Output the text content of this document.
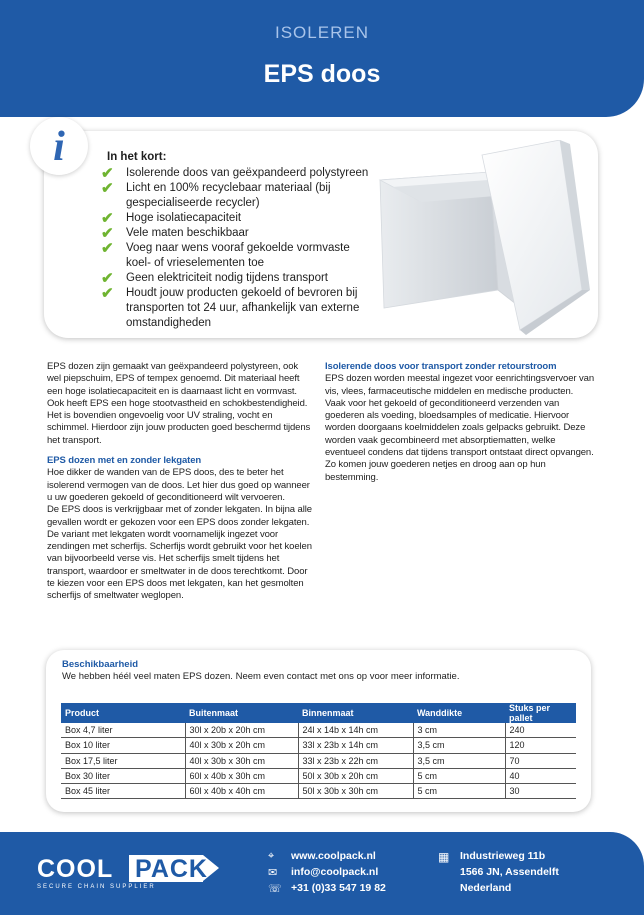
ISOLEREN
EPS doos
i	In het kort:
✔ Isolerende doos van geëxpandeerd polystyreen
✔ Licht en 100% recyclebaar materiaal (bij gespecialiseerde recycler)
✔ Hoge isolatiecapaciteit
✔ Vele maten beschikbaar
✔ Voeg naar wens vooraf gekoelde vormvaste koel- of vrieselementen toe
✔ Geen elektriciteit nodig tijdens transport
✔ Houdt jouw producten gekoeld of bevroren bij transporten tot 24 uur, afhankelijk van externe omstandigheden

EPS dozen zijn gemaakt van geëxpandeerd polystyreen, ook wel piepschuim, EPS of tempex genoemd. Dit materiaal heeft een hoge isolatiecapaciteit en is daarnaast licht en vormvast. Ook heeft EPS een hoge stootvastheid en schokbestendigheid. Het is bovendien ongevoelig voor UV straling, vocht en schimmel. Hierdoor zijn jouw producten goed beschermd tijdens het transport.

EPS dozen met en zonder lekgaten

Hoe dikker de wanden van de EPS doos, des te beter het isolerend vermogen van de doos. Let hier dus goed op wanneer u uw goederen gekoeld of geconditioneerd wilt vervoeren.

De EPS doos is verkrijgbaar met of zonder lekgaten. In bijna alle gevallen wordt er gekozen voor een EPS doos zonder lekgaten. De variant met lekgaten wordt voornamelijk ingezet voor zendingen met scherfijs. Scherfijs wordt gebruikt voor het koelen van bijvoorbeeld verse vis. Het scherfijs smelt tijdens het transport, waardoor er smeltwater in de doos terechtkomt. Door te kiezen voor een EPS doos met lekgaten, kan het gesmolten scherfijs of smeltwater weglopen.

Isolerende doos voor transport zonder retourstroom

EPS dozen worden meestal ingezet voor eenrichtingsvervoer van vis, vlees, farmaceutische middelen en medische producten. Vaak voor het gekoeld of geconditioneerd verzenden van goederen als voeding, bloedsamples of medicatie. Hiervoor worden doorgaans koelmiddelen zoals gelpacks gebruikt. Deze worden vaak gecombineerd met absorptiematten, welke eventueel condens dat tijdens transport ontstaat direct opvangen. Zo komen jouw goederen netjes en droog aan op hun bestemming.

Beschikbaarheid
We hebben héél veel maten EPS dozen. Neem even contact met ons op voor meer informatie.
Product	Buitenmaat	Binnenmaat	Wanddikte	Stuks per pallet
Box 4,7 liter	30l x 20b x 20h cm	24l x 14b x 14h cm	3 cm	240
Box 10 liter	40l x 30b x 20h cm	33l x 23b x 14h cm	3,5 cm	120
Box 17,5 liter	40l x 30b x 30h cm	33l x 23b x 22h cm	3,5 cm	70
Box 30 liter	60l x 40b x 30h cm	50l x 30b x 20h cm	5 cm	40
Box 45 liter	60l x 40b x 40h cm	50l x 30b x 30h cm	5 cm	30
COOL PACK
SECURE CHAIN SUPPLIER
⌖ www.coolpack.nl
✉ info@coolpack.nl
☏ +31 (0)33 547 19 82
▦ Industrieweg 11b
1566 JN, Assendelft
Nederland
